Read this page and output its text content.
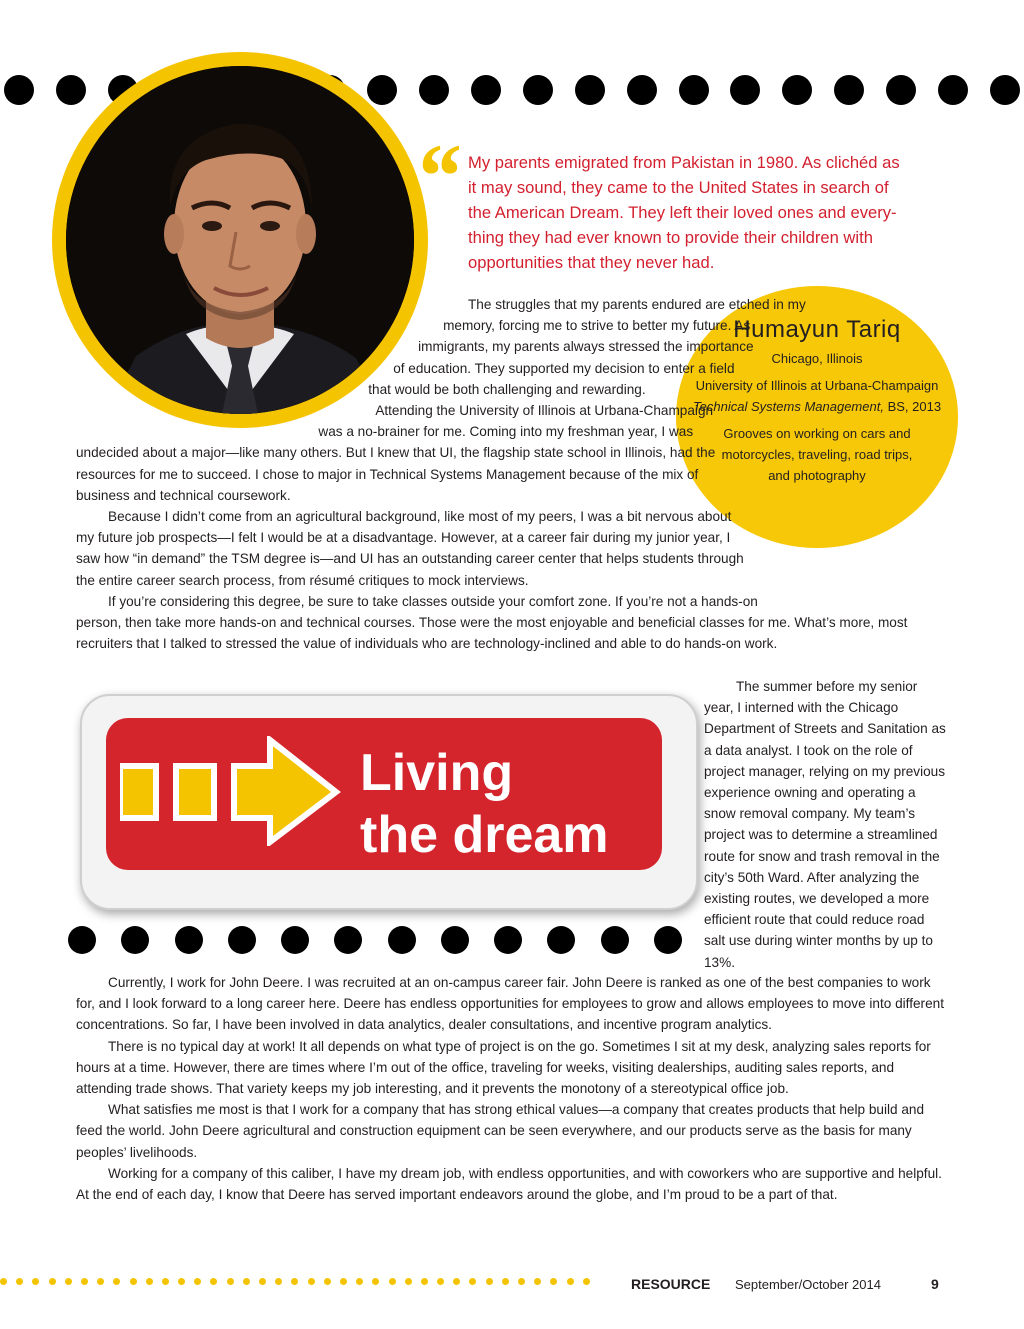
“ My parents emigrated from Pakistan in 1980. As clichéd as
it may sound, they came to the United States in search of
the American Dream. They left their loved ones and every-
thing they had ever known to provide their children with
opportunities that they never had.
Humayun Tariq
Chicago, Illinois
University of Illinois at Urbana-Champaign
Technical Systems Management, BS, 2013
Grooves on working on cars and
motorcycles, traveling, road trips,
and photography

The struggles that my parents endured are etched in my memory, forcing me to strive to better my future. As immigrants, my parents always stressed the importance of education. They supported my decision to enter a field that would be both challenging and rewarding.

Attending the University of Illinois at Urbana-Champaign was a no-brainer for me. Coming into my freshman year, I was undecided about a major—like many others. But I knew that UI, the flagship state school in Illinois, had the resources for me to succeed. I chose to major in Technical Systems Management because of the mix of business and technical coursework.

Because I didn’t come from an agricultural background, like most of my peers, I was a bit nervous about my future job prospects—I felt I would be at a disadvantage. However, at a career fair during my junior year, I saw how “in demand” the TSM degree is—and UI has an outstanding career center that helps students through the entire career search process, from résumé critiques to mock interviews.

If you’re considering this degree, be sure to take classes outside your comfort zone. If you’re not a hands-on person, then take more hands-on and technical courses. Those were the most enjoyable and beneficial classes for me. What’s more, most recruiters that I talked to stressed the value of individuals who are technology-inclined and able to do hands-on work.

Living
the dream

The summer before my senior year, I interned with the Chicago Department of Streets and Sanitation as a data analyst. I took on the role of project manager, relying on my previous experience owning and operating a snow removal company. My team’s project was to determine a streamlined route for snow and trash removal in the city’s 50th Ward. After analyzing the existing routes, we developed a more efficient route that could reduce road salt use during winter months by up to 13%.

Currently, I work for John Deere. I was recruited at an on-campus career fair. John Deere is ranked as one of the best companies to work for, and I look forward to a long career here. Deere has endless opportunities for employees to grow and allows employees to move into different concentrations. So far, I have been involved in data analytics, dealer consultations, and incentive program analytics.

There is no typical day at work! It all depends on what type of project is on the go. Sometimes I sit at my desk, analyzing sales reports for hours at a time. However, there are times where I’m out of the office, traveling for weeks, visiting dealerships, auditing sales reports, and attending trade shows. That variety keeps my job interesting, and it prevents the monotony of a stereotypical office job.

What satisfies me most is that I work for a company that has strong ethical values—a company that creates products that help build and feed the world. John Deere agricultural and construction equipment can be seen everywhere, and our products serve as the basis for many peoples’ livelihoods.

Working for a company of this caliber, I have my dream job, with endless opportunities, and with coworkers who are supportive and helpful. At the end of each day, I know that Deere has served important endeavors around the globe, and I’m proud to be a part of that.

RESOURCE September/October 2014	9
